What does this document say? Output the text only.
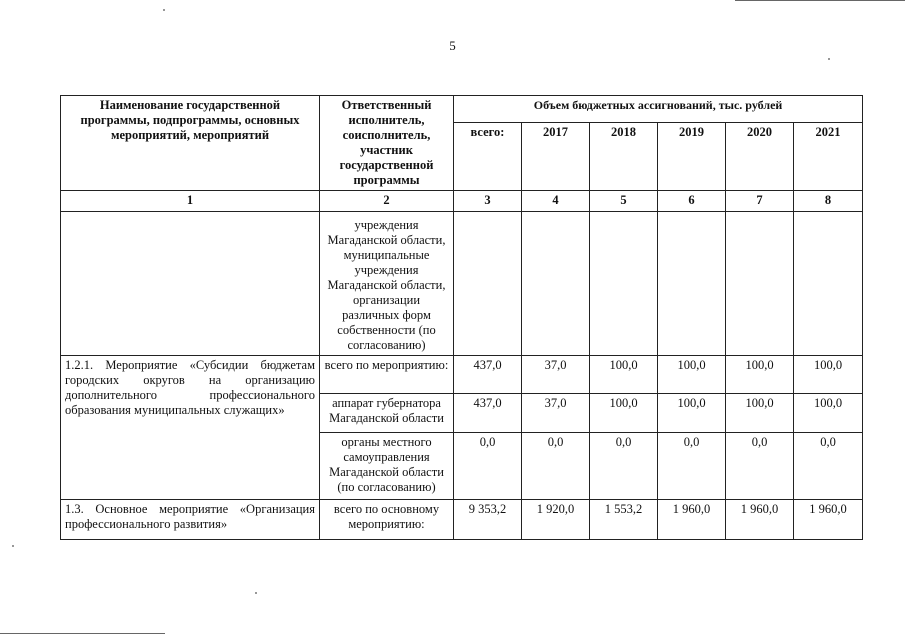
5
Наименование государственной программы, подпрограммы, основных мероприятий, мероприятий	Ответственный исполнитель, соисполнитель, участник государственной программы	Объем бюджетных ассигнований, тыс. рублей					
		всего:	2017	2018	2019	2020	2021
1	2	3	4	5	6	7	8

	учреждения Магаданской области, муниципальные учреждения Магаданской области, организации различных форм собственности (по согласованию)						

1.2.1. Мероприятие «Субсидии бюджетам городских округов на организацию дополнительного профессионального образования муниципальных служащих»	всего по мероприятию:	437,0	37,0	100,0	100,0	100,0	100,0
	аппарат губернатора Магаданской области	437,0	37,0	100,0	100,0	100,0	100,0
	органы местного самоуправления Магаданской области (по согласованию)	0,0	0,0	0,0	0,0	0,0	0,0
1.3. Основное мероприятие «Организация профессионального развития»	всего по основному мероприятию:	9 353,2	1 920,0	1 553,2	1 960,0	1 960,0	1 960,0
